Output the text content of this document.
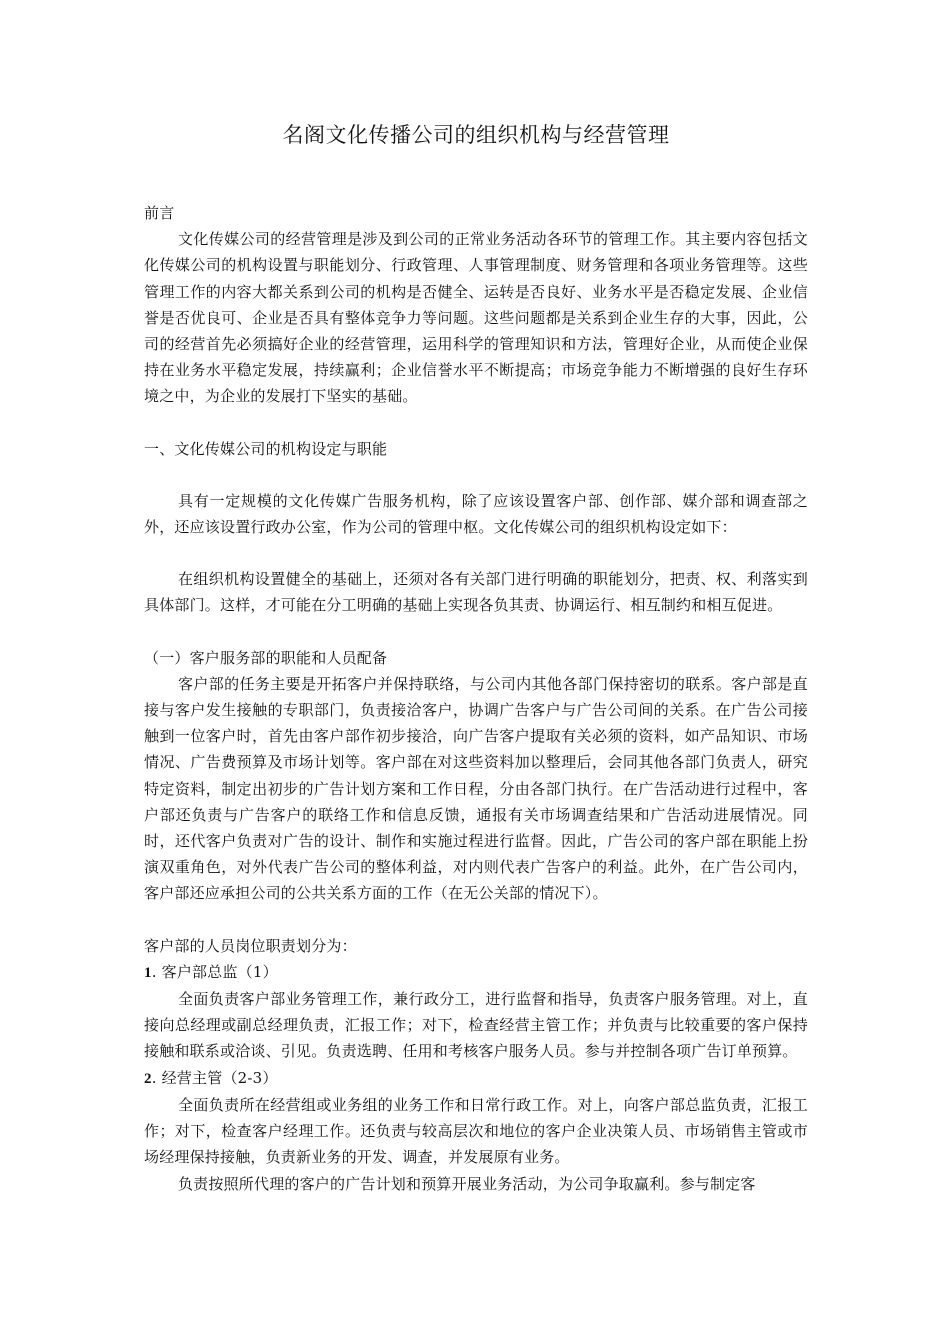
名阁文化传播公司的组织机构与经营管理

前言

文化传媒公司的经营管理是涉及到公司的正常业务活动各环节的管理工作。其主要内容包括文化传媒公司的机构设置与职能划分、行政管理、人事管理制度、财务管理和各项业务管理等。这些管理工作的内容大都关系到公司的机构是否健全、运转是否良好、业务水平是否稳定发展、企业信誉是否优良可、企业是否具有整体竞争力等问题。这些问题都是关系到企业生存的大事，因此，公司的经营首先必须搞好企业的经营管理，运用科学的管理知识和方法，管理好企业，从而使企业保持在业务水平稳定发展，持续赢利；企业信誉水平不断提高；市场竞争能力不断增强的良好生存环境之中，为企业的发展打下坚实的基础。

一、文化传媒公司的机构设定与职能

具有一定规模的文化传媒广告服务机构，除了应该设置客户部、创作部、媒介部和调查部之外，还应该设置行政办公室，作为公司的管理中枢。文化传媒公司的组织机构设定如下：

在组织机构设置健全的基础上，还须对各有关部门进行明确的职能划分，把责、权、利落实到具体部门。这样，才可能在分工明确的基础上实现各负其责、协调运行、相互制约和相互促进。

（一）客户服务部的职能和人员配备

客户部的任务主要是开拓客户并保持联络，与公司内其他各部门保持密切的联系。客户部是直接与客户发生接触的专职部门，负责接洽客户，协调广告客户与广告公司间的关系。在广告公司接触到一位客户时，首先由客户部作初步接洽，向广告客户提取有关必须的资料，如产品知识、市场情况、广告费预算及市场计划等。客户部在对这些资料加以整理后，会同其他各部门负责人，研究特定资料，制定出初步的广告计划方案和工作日程，分由各部门执行。在广告活动进行过程中，客户部还负责与广告客户的联络工作和信息反馈，通报有关市场调查结果和广告活动进展情况。同时，还代客户负责对广告的设计、制作和实施过程进行监督。因此，广告公司的客户部在职能上扮演双重角色，对外代表广告公司的整体利益，对内则代表广告客户的利益。此外，在广告公司内，客户部还应承担公司的公共关系方面的工作（在无公关部的情况下）。

客户部的人员岗位职责划分为：

1. 客户部总监（1）

全面负责客户部业务管理工作，兼行政分工，进行监督和指导，负责客户服务管理。对上，直接向总经理或副总经理负责，汇报工作；对下，检查经营主管工作；并负责与比较重要的客户保持接触和联系或洽谈、引见。负责选聘、任用和考核客户服务人员。参与并控制各项广告订单预算。

2. 经营主管（2-3）

全面负责所在经营组或业务组的业务工作和日常行政工作。对上，向客户部总监负责，汇报工作；对下，检查客户经理工作。还负责与较高层次和地位的客户企业决策人员、市场销售主管或市场经理保持接触，负责新业务的开发、调查，并发展原有业务。

负责按照所代理的客户的广告计划和预算开展业务活动，为公司争取赢利。参与制定客
